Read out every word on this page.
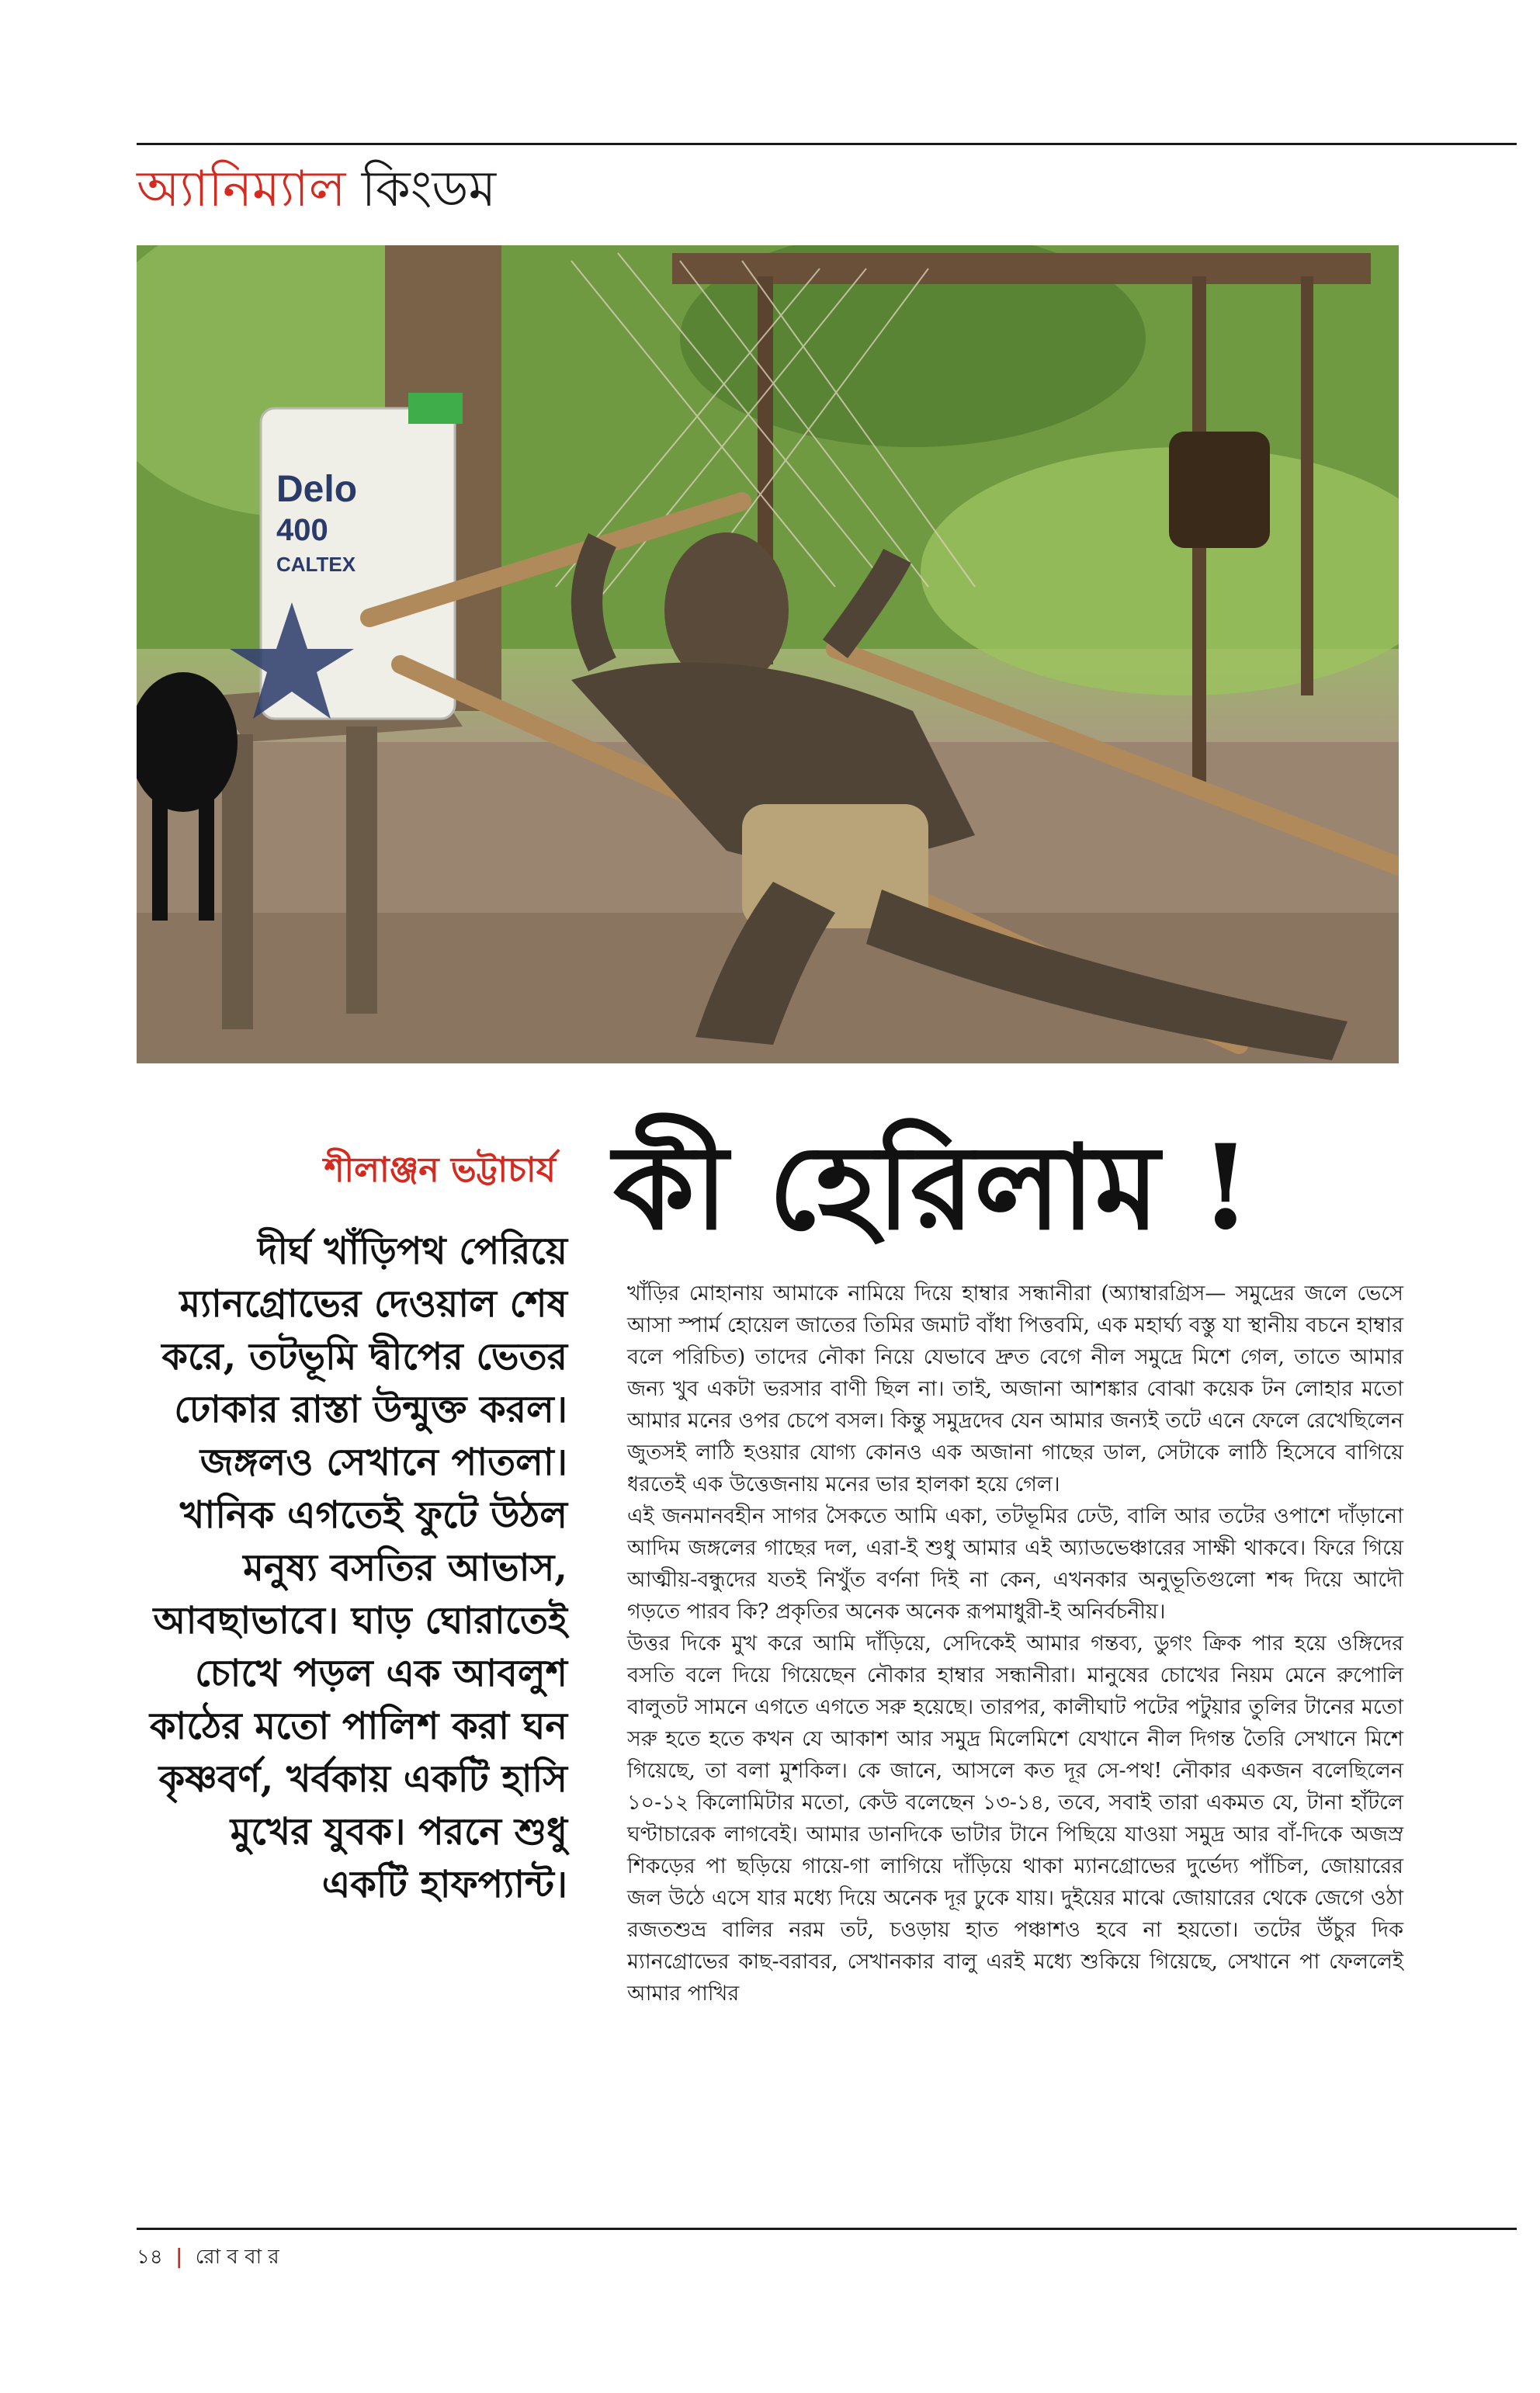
অ্যানিম্যাল কিংডম
Delo
400
CALTEX
শীলাঞ্জন ভট্টাচার্য
দীর্ঘ খাঁড়িপথ পেরিয়ে ম্যানগ্রোভের দেওয়াল শেষ করে, তটভূমি দ্বীপের ভেতর ঢোকার রাস্তা উন্মুক্ত করল। জঙ্গলও সেখানে পাতলা। খানিক এগতেই ফুটে উঠল মনুষ্য বসতির আভাস, আবছাভাবে। ঘাড় ঘোরাতেই চোখে পড়ল এক আবলুশ কাঠের মতো পালিশ করা ঘন কৃষ্ণবর্ণ, খর্বকায় একটি হাসি মুখের যুবক। পরনে শুধু একটি হাফপ্যান্ট।
কী হেরিলাম !
খাঁড়ির মোহানায় আমাকে নামিয়ে দিয়ে হাম্বার সন্ধানীরা (অ্যাম্বারগ্রিস— সমুদ্রের জলে ভেসে আসা স্পার্ম হোয়েল জাতের তিমির জমাট বাঁধা পিত্তবমি, এক মহার্ঘ্য বস্তু যা স্থানীয় বচনে হাম্বার বলে পরিচিত) তাদের নৌকা নিয়ে যেভাবে দ্রুত বেগে নীল সমুদ্রে মিশে গেল, তাতে আমার জন্য খুব একটা ভরসার বাণী ছিল না। তাই, অজানা আশঙ্কার বোঝা কয়েক টন লোহার মতো আমার মনের ওপর চেপে বসল। কিন্তু সমুদ্রদেব যেন আমার জন্যই তটে এনে ফেলে রেখেছিলেন জুতসই লাঠি হওয়ার যোগ্য কোনও এক অজানা গাছের ডাল, সেটাকে লাঠি হিসেবে বাগিয়ে ধরতেই এক উত্তেজনায় মনের ভার হালকা হয়ে গেল।
এই জনমানবহীন সাগর সৈকতে আমি একা, তটভূমির ঢেউ, বালি আর তটের ওপাশে দাঁড়ানো আদিম জঙ্গলের গাছের দল, এরা-ই শুধু আমার এই অ্যাডভেঞ্চারের সাক্ষী থাকবে। ফিরে গিয়ে আত্মীয়-বন্ধুদের যতই নিখুঁত বর্ণনা দিই না কেন, এখনকার অনুভূতিগুলো শব্দ দিয়ে আদৌ গড়তে পারব কি? প্রকৃতির অনেক অনেক রূপমাধুরী-ই অনির্বচনীয়।
উত্তর দিকে মুখ করে আমি দাঁড়িয়ে, সেদিকেই আমার গন্তব্য, ডুগং ক্রিক পার হয়ে ওঙ্গিদের বসতি বলে দিয়ে গিয়েছেন নৌকার হাম্বার সন্ধানীরা। মানুষের চোখের নিয়ম মেনে রুপোলি বালুতট সামনে এগতে এগতে সরু হয়েছে। তারপর, কালীঘাট পটের পটুয়ার তুলির টানের মতো সরু হতে হতে কখন যে আকাশ আর সমুদ্র মিলেমিশে যেখানে নীল দিগন্ত তৈরি সেখানে মিশে গিয়েছে, তা বলা মুশকিল। কে জানে, আসলে কত দূর সে-পথ! নৌকার একজন বলেছিলেন ১০-১২ কিলোমিটার মতো, কেউ বলেছেন ১৩-১৪, তবে, সবাই তারা একমত যে, টানা হাঁটলে ঘণ্টাচারেক লাগবেই। আমার ডানদিকে ভাটার টানে পিছিয়ে যাওয়া সমুদ্র আর বাঁ-দিকে অজস্র শিকড়ের পা ছড়িয়ে গায়ে-গা লাগিয়ে দাঁড়িয়ে থাকা ম্যানগ্রোভের দুর্ভেদ্য পাঁচিল, জোয়ারের জল উঠে এসে যার মধ্যে দিয়ে অনেক দূর ঢুকে যায়। দুইয়ের মাঝে জোয়ারের থেকে জেগে ওঠা রজতশুভ্র বালির নরম তট, চওড়ায় হাত পঞ্চাশও হবে না হয়তো। তটের উঁচুর দিক ম্যানগ্রোভের কাছ-বরাবর, সেখানকার বালু এরই মধ্যে শুকিয়ে গিয়েছে, সেখানে পা ফেললেই আমার পাখির
১৪ | রো ব বা র
